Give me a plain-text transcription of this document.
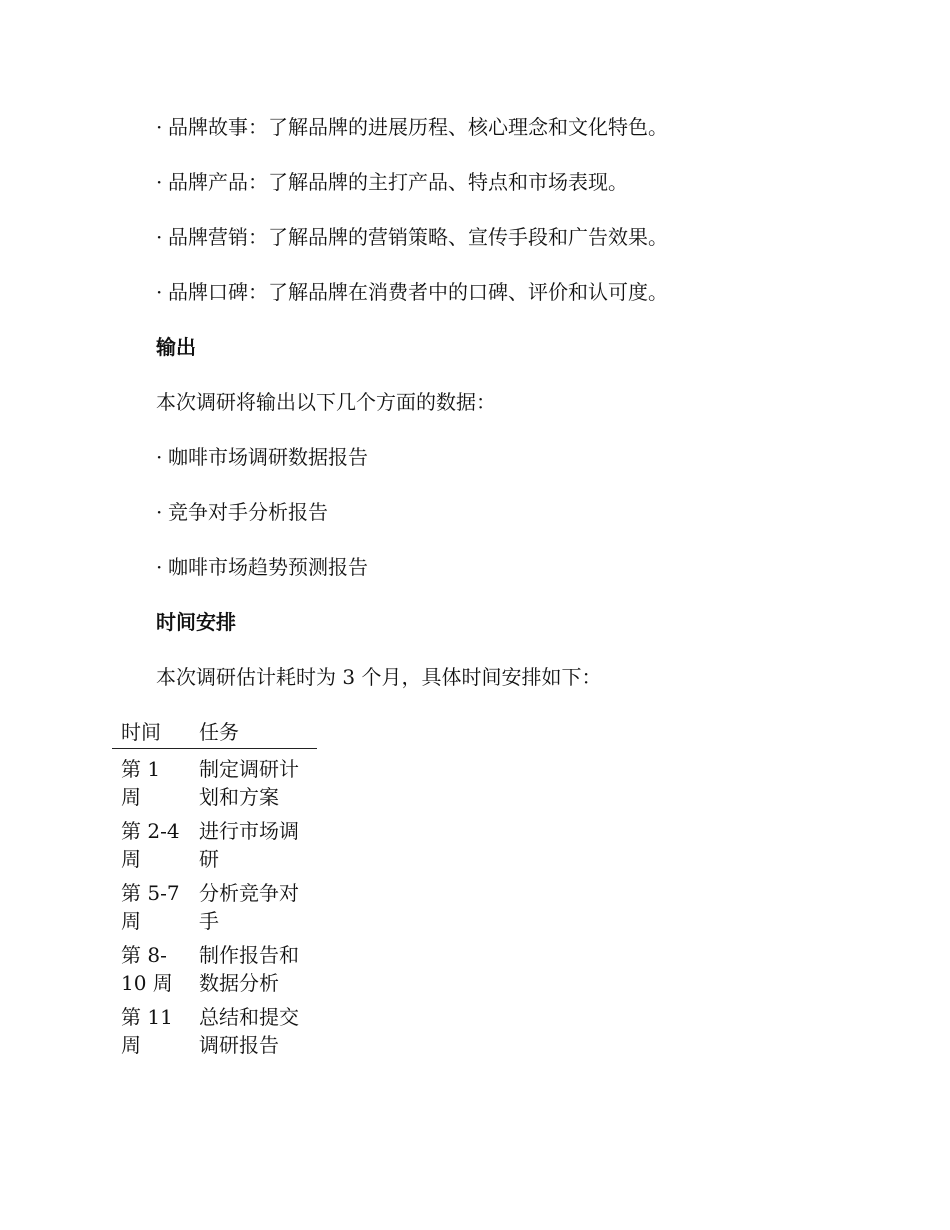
· 品牌故事：了解品牌的进展历程、核心理念和文化特色。
· 品牌产品：了解品牌的主打产品、特点和市场表现。
· 品牌营销：了解品牌的营销策略、宣传手段和广告效果。
· 品牌口碑：了解品牌在消费者中的口碑、评价和认可度。
输出
本次调研将输出以下几个方面的数据：
· 咖啡市场调研数据报告
· 竞争对手分析报告
· 咖啡市场趋势预测报告
时间安排
本次调研估计耗时为 3 个月，具体时间安排如下：
时间	任务

第 1
周	制定调研计
划和方案

第 2-4
周	进行市场调
研

第 5-7
周	分析竞争对
手

第 8-
10 周	制作报告和
数据分析

第 11
周	总结和提交
调研报告
